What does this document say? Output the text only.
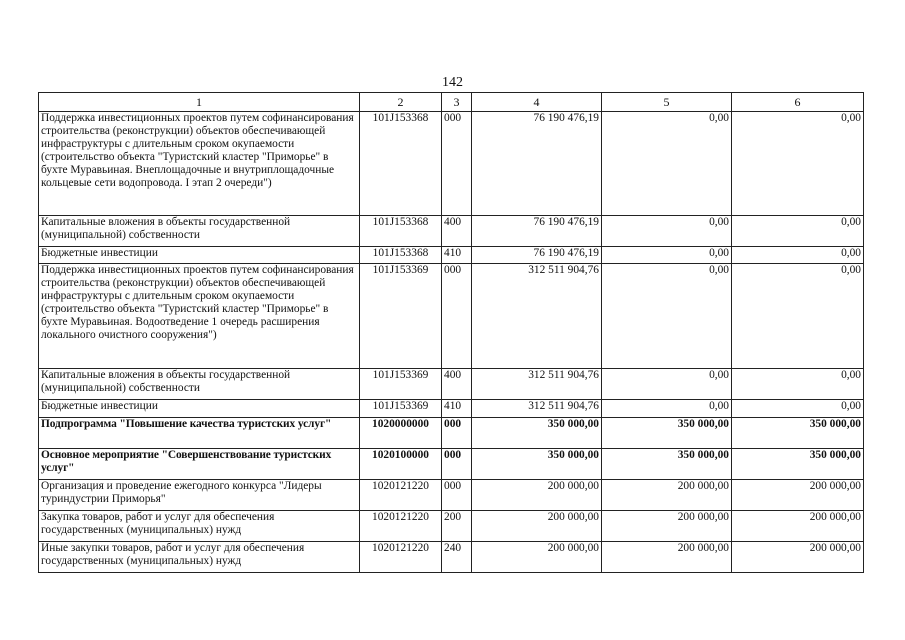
142
1	2	3	4	5	6
Поддержка инвестиционных проектов путем софинансирования строительства (реконструкции) объектов обеспечивающей инфраструктуры с длительным сроком окупаемости (строительство объекта "Туристский кластер "Приморье" в бухте Муравьиная. Внеплощадочные и внутриплощадочные кольцевые сети водопровода. I этап 2 очереди")	101J153368	000	76 190 476,19	0,00	0,00
Капитальные вложения в объекты государственной (муниципальной) собственности	101J153368	400	76 190 476,19	0,00	0,00
Бюджетные инвестиции	101J153368	410	76 190 476,19	0,00	0,00
Поддержка инвестиционных проектов путем софинансирования строительства (реконструкции) объектов обеспечивающей инфраструктуры с длительным сроком окупаемости (строительство объекта "Туристский кластер "Приморье" в бухте Муравьиная. Водоотведение 1 очередь расширения локального очистного сооружения")	101J153369	000	312 511 904,76	0,00	0,00
Капитальные вложения в объекты государственной (муниципальной) собственности	101J153369	400	312 511 904,76	0,00	0,00
Бюджетные инвестиции	101J153369	410	312 511 904,76	0,00	0,00
Подпрограмма "Повышение качества туристских услуг"	1020000000	000	350 000,00	350 000,00	350 000,00
Основное мероприятие "Совершенствование туристских услуг"	1020100000	000	350 000,00	350 000,00	350 000,00
Организация и проведение ежегодного конкурса "Лидеры туриндустрии Приморья"	1020121220	000	200 000,00	200 000,00	200 000,00
Закупка товаров, работ и услуг для обеспечения государственных (муниципальных) нужд	1020121220	200	200 000,00	200 000,00	200 000,00
Иные закупки товаров, работ и услуг для обеспечения государственных (муниципальных) нужд	1020121220	240	200 000,00	200 000,00	200 000,00
